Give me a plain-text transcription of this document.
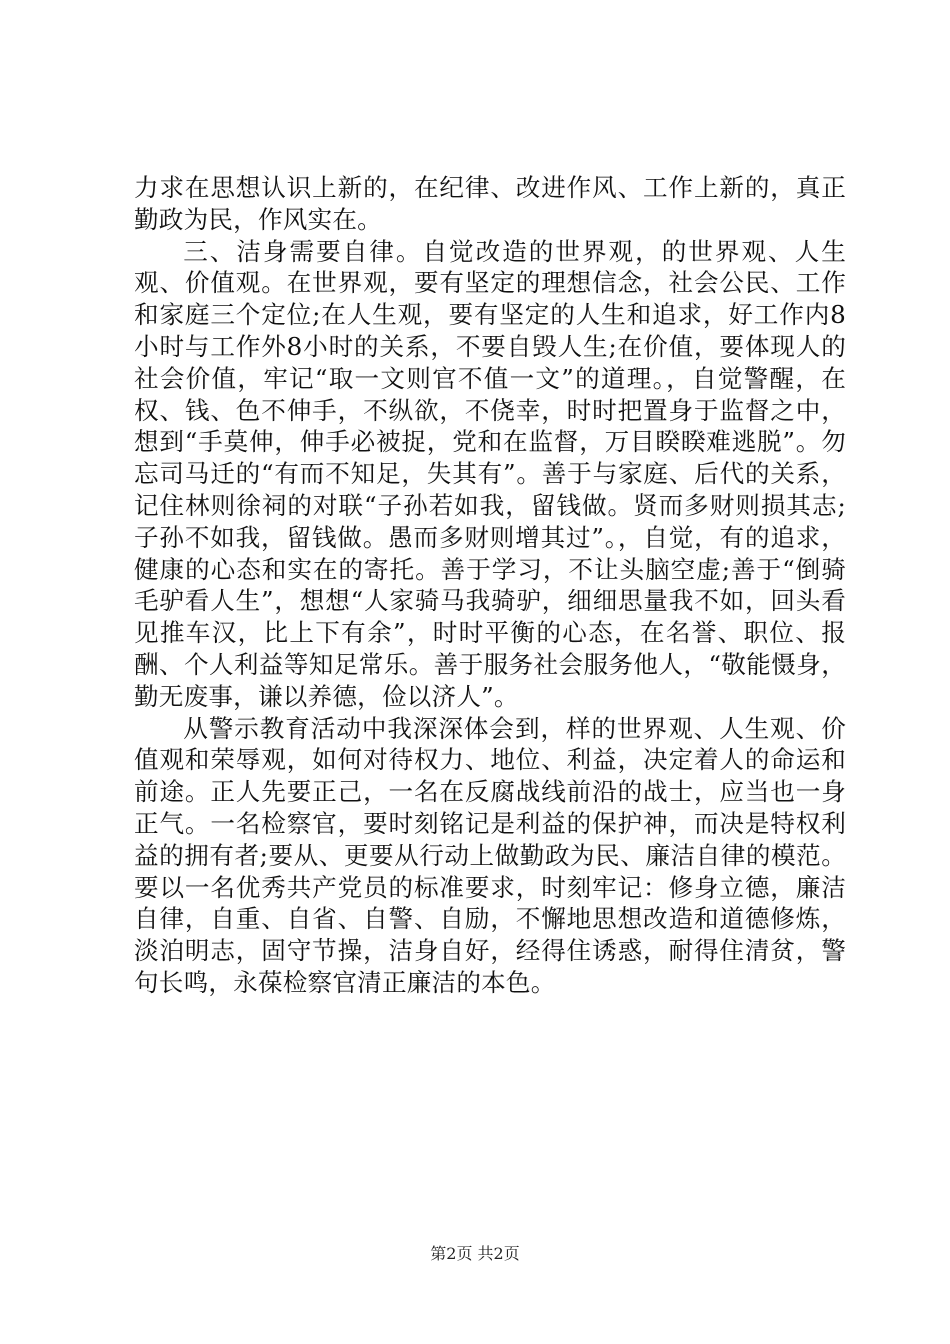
力求在思想认识上新的，在纪律、改进作风、工作上新的，真正勤政为民，作风实在。

三、洁身需要自律。自觉改造的世界观，的世界观、人生观、价值观。在世界观，要有坚定的理想信念，社会公民、工作和家庭三个定位;在人生观，要有坚定的人生和追求，好工作内8小时与工作外8小时的关系，不要自毁人生;在价值，要体现人的社会价值，牢记“取一文则官不值一文”的道理。，自觉警醒，在权、钱、色不伸手，不纵欲，不侥幸，时时把置身于监督之中，想到“手莫伸，伸手必被捉，党和在监督，万目睽睽难逃脱”。勿忘司马迁的“有而不知足，失其有”。善于与家庭、后代的关系，记住林则徐祠的对联“子孙若如我，留钱做。贤而多财则损其志;子孙不如我，留钱做。愚而多财则增其过”。，自觉，有的追求，健康的心态和实在的寄托。善于学习，不让头脑空虚;善于“倒骑毛驴看人生”，想想“人家骑马我骑驴，细细思量我不如，回头看见推车汉，比上下有余”，时时平衡的心态，在名誉、职位、报酬、个人利益等知足常乐。善于服务社会服务他人，“敬能慑身，勤无废事，谦以养德，俭以济人”。

从警示教育活动中我深深体会到，样的世界观、人生观、价值观和荣辱观，如何对待权力、地位、利益，决定着人的命运和前途。正人先要正己，一名在反腐战线前沿的战士，应当也一身正气。一名检察官，要时刻铭记是利益的保护神，而决是特权利益的拥有者;要从、更要从行动上做勤政为民、廉洁自律的模范。要以一名优秀共产党员的标准要求，时刻牢记：修身立德，廉洁自律，自重、自省、自警、自励，不懈地思想改造和道德修炼，淡泊明志，固守节操，洁身自好，经得住诱惑，耐得住清贫，警句长鸣，永葆检察官清正廉洁的本色。

第2页 共2页
